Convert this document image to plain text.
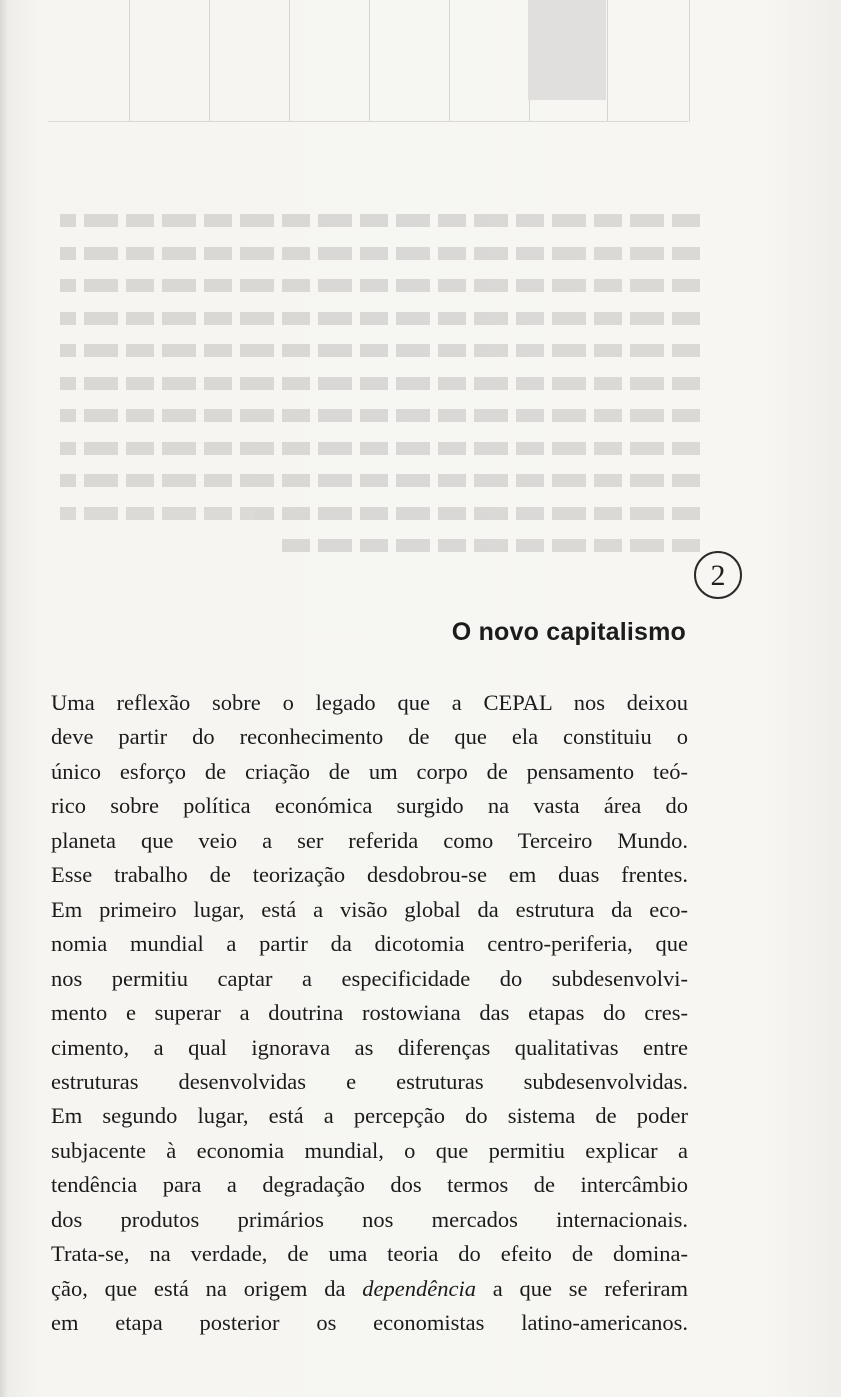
2
O novo capitalismo
Uma reflexão sobre o legado que a CEPAL nos deixou
deve partir do reconhecimento de que ela constituiu o
único esforço de criação de um corpo de pensamento teó-
rico sobre política económica surgido na vasta área do
planeta que veio a ser referida como Terceiro Mundo.
Esse trabalho de teorização desdobrou-se em duas frentes.
Em primeiro lugar, está a visão global da estrutura da eco-
nomia mundial a partir da dicotomia centro-periferia, que
nos permitiu captar a especificidade do subdesenvolvi-
mento e superar a doutrina rostowiana das etapas do cres-
cimento, a qual ignorava as diferenças qualitativas entre
estruturas desenvolvidas e estruturas subdesenvolvidas.
Em segundo lugar, está a percepção do sistema de poder
subjacente à economia mundial, o que permitiu explicar a
tendência para a degradação dos termos de intercâmbio
dos produtos primários nos mercados internacionais.
Trata-se, na verdade, de uma teoria do efeito de domina-
ção, que está na origem da dependência a que se referiram
em etapa posterior os economistas latino-americanos.
